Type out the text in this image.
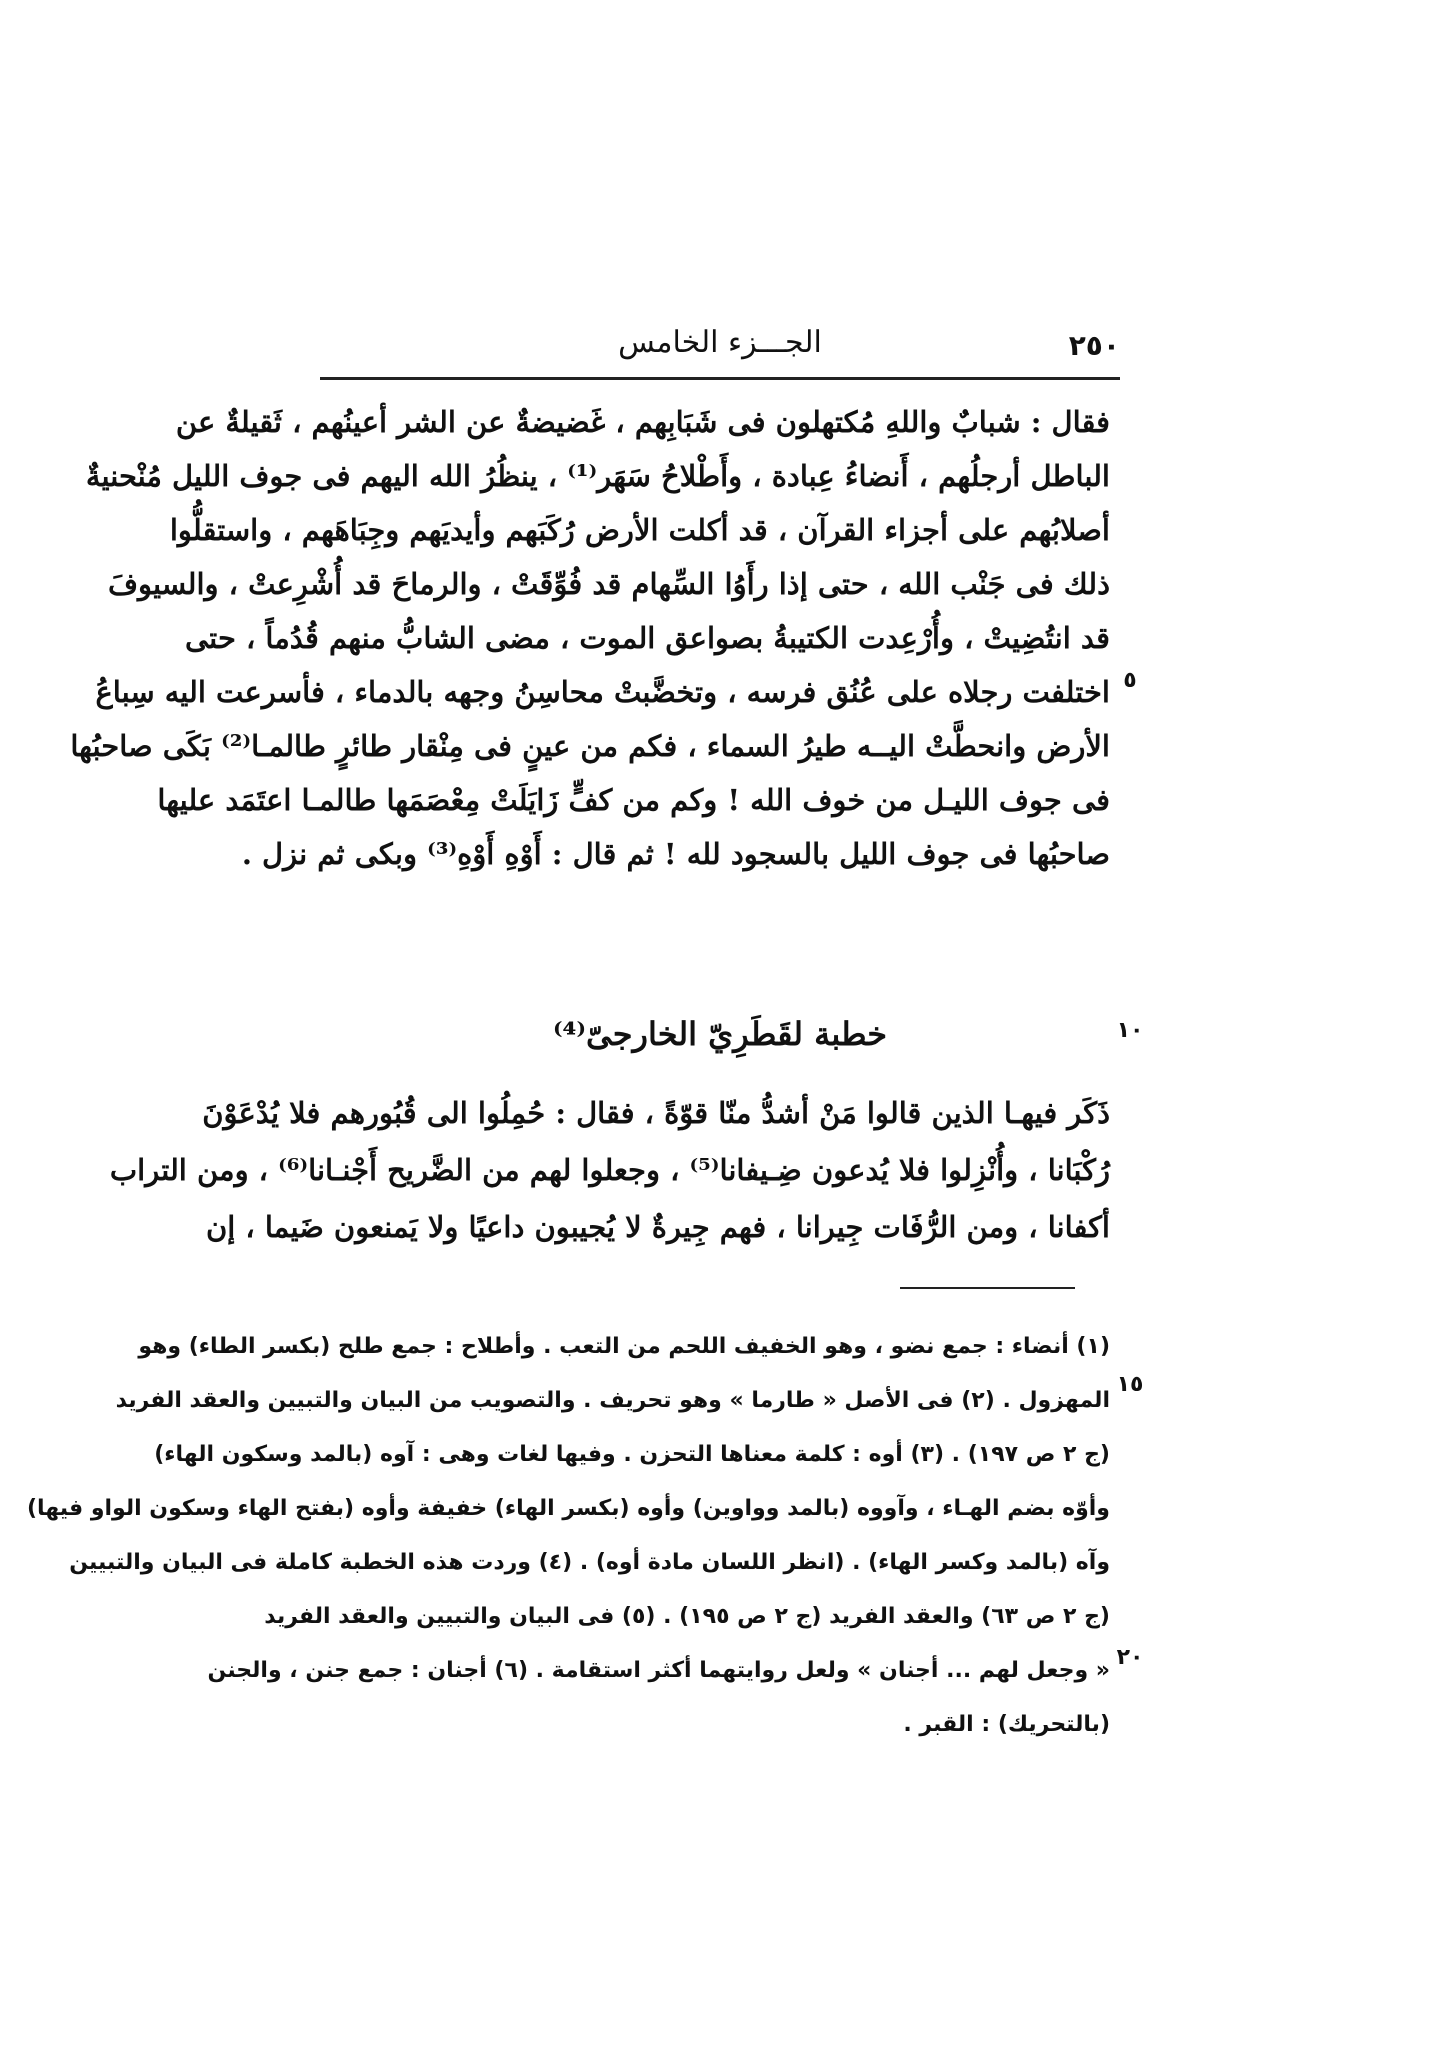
٢٥٠
الجـــزء الخامس
فقال : شبابٌ واللهِ مُكتهلون فى شَبَابِهم ، غَضيضةٌ عن الشر أعينُهم ، ثَقيلةٌ عن
الباطل أرجلُهم ، أَنضاءُ عِبادة ، وأَطْلاحُ سَهَر⁽¹⁾ ، ينظُرُ الله اليهم فى جوف الليل مُنْحنيةٌ
أصلابُهم على أجزاء القرآن ، قد أكلت الأرض رُكَبَهم وأيديَهم وجِبَاهَهم ، واستقلُّوا
ذلك فى جَنْب الله ، حتى إذا رأَوُا السِّهام قد فُوِّقَتْ ، والرماحَ قد أُشْرِعتْ ، والسيوفَ
قد انتُضِيتْ ، وأُرْعِدت الكتيبةُ بصواعق الموت ، مضى الشابُّ منهم قُدُماً ، حتى
اختلفت رجلاه على عُنُق فرسه ، وتخضَّبتْ محاسِنُ وجهه بالدماء ، فأسرعت اليه سِباعُ
الأرض وانحطَّتْ اليــه طيرُ السماء ، فكم من عينٍ فى مِنْقار طائرٍ طالمـا⁽²⁾ بَكَى صاحبُها
فى جوف الليـل من خوف الله ! وكم من كفٍّ زَايَلَتْ مِعْصَمَها طالمـا اعتَمَد عليها
صاحبُها فى جوف الليل بالسجود لله ! ثم قال : أَوْهِ أَوْهِ⁽³⁾ وبكى ثم نزل .
خطبة لقَطَرِيّ الخارجىّ⁽⁴⁾
ذَكَر فيهـا الذين قالوا مَنْ أشدُّ منّا قوّةً ، فقال : حُمِلُوا الى قُبُورهم فلا يُدْعَوْنَ
رُكْبَانا ، وأُنْزِلوا فلا يُدعون ضِـيفانا⁽⁵⁾ ، وجعلوا لهم من الضَّريح أَجْنـانا⁽⁶⁾ ، ومن التراب
أكفانا ، ومن الرُّفَات جِيرانا ، فهم جِيرةٌ لا يُجيبون داعيًا ولا يَمنعون ضَيما ، إن
(١) أنضاء : جمع نضو ، وهو الخفيف اللحم من التعب . وأطلاح : جمع طلح (بكسر الطاء) وهو
المهزول . (٢) فى الأصل « طارما » وهو تحريف . والتصويب من البيان والتبيين والعقد الفريد
(ج ٢ ص ١٩٧) . (٣) أوه : كلمة معناها التحزن . وفيها لغات وهى : آوه (بالمد وسكون الهاء)
وأوّه بضم الهـاء ، وآووه (بالمد وواوين) وأوه (بكسر الهاء) خفيفة وأوه (بفتح الهاء وسكون الواو فيها)
وآه (بالمد وكسر الهاء) . (انظر اللسان مادة أوه) . (٤) وردت هذه الخطبة كاملة فى البيان والتبيين
(ج ٢ ص ٦٣) والعقد الفريد (ج ٢ ص ١٩٥) . (٥) فى البيان والتبيين والعقد الفريد
« وجعل لهم ... أجنان » ولعل روايتهما أكثر استقامة . (٦) أجنان : جمع جنن ، والجنن
(بالتحريك) : القبر .
٥
١٠
١٥
٢٠
